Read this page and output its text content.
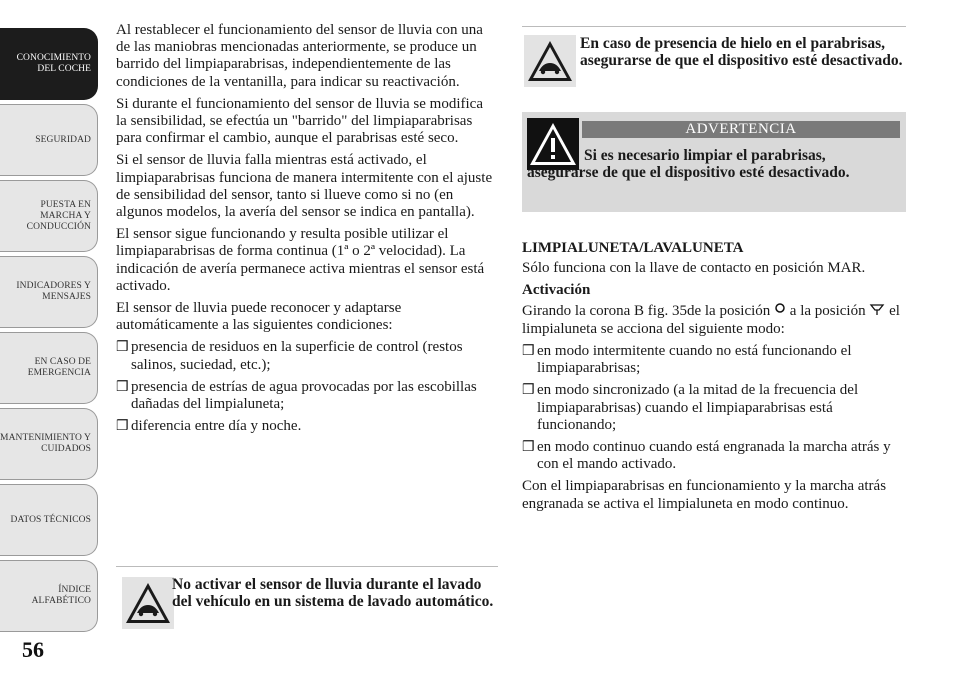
CONOCIMIENTO
DEL COCHE
SEGURIDAD
PUESTA EN
MARCHA Y
CONDUCCIÓN
INDICADORES Y
MENSAJES
EN CASO DE
EMERGENCIA
MANTENIMIENTO Y
CUIDADOS
DATOS TÉCNICOS
ÍNDICE
ALFABÉTICO
56

Al restablecer el funcionamiento del sensor de lluvia con una de las maniobras mencionadas anteriormente, se produce un barrido del limpiaparabrisas, independientemente de las condiciones de la ventanilla, para indicar su reactivación.

Si durante el funcionamiento del sensor de lluvia se modifica la sensibilidad, se efectúa un "barrido" del limpiaparabrisas para confirmar el cambio, aunque el parabrisas esté seco.

Si el sensor de lluvia falla mientras está activado, el limpiaparabrisas funciona de manera intermitente con el ajuste de sensibilidad del sensor, tanto si llueve como si no (en algunos modelos, la avería del sensor se indica en pantalla).

El sensor sigue funcionando y resulta posible utilizar el limpiaparabrisas de forma continua (1ª o 2ª velocidad). La indicación de avería permanece activa mientras el sensor está activado.

El sensor de lluvia puede reconocer y adaptarse automáticamente a las siguientes condiciones:

❒ presencia de residuos en la superficie de control (restos salinos, suciedad, etc.);
❒ presencia de estrías de agua provocadas por las escobillas dañadas del limpialuneta;
❒ diferencia entre día y noche.
No activar el sensor de lluvia durante el lavado del vehículo en un sistema de lavado automático.
En caso de presencia de hielo en el parabrisas, asegurarse de que el dispositivo esté desactivado.
ADVERTENCIA
Si es necesario limpiar el parabrisas, asegurarse de que el dispositivo esté desactivado.
LIMPIALUNETA/LAVALUNETA

Sólo funciona con la llave de contacto en posición MAR.

Activación

Girando la corona B fig. 35de la posición a la posición el limpialuneta se acciona del siguiente modo:

❒ en modo intermitente cuando no está funcionando el limpiaparabrisas;
❒ en modo sincronizado (a la mitad de la frecuencia del limpiaparabrisas) cuando el limpiaparabrisas está funcionando;
❒ en modo continuo cuando está engranada la marcha atrás y con el mando activado.

Con el limpiaparabrisas en funcionamiento y la marcha atrás engranada se activa el limpialuneta en modo continuo.
